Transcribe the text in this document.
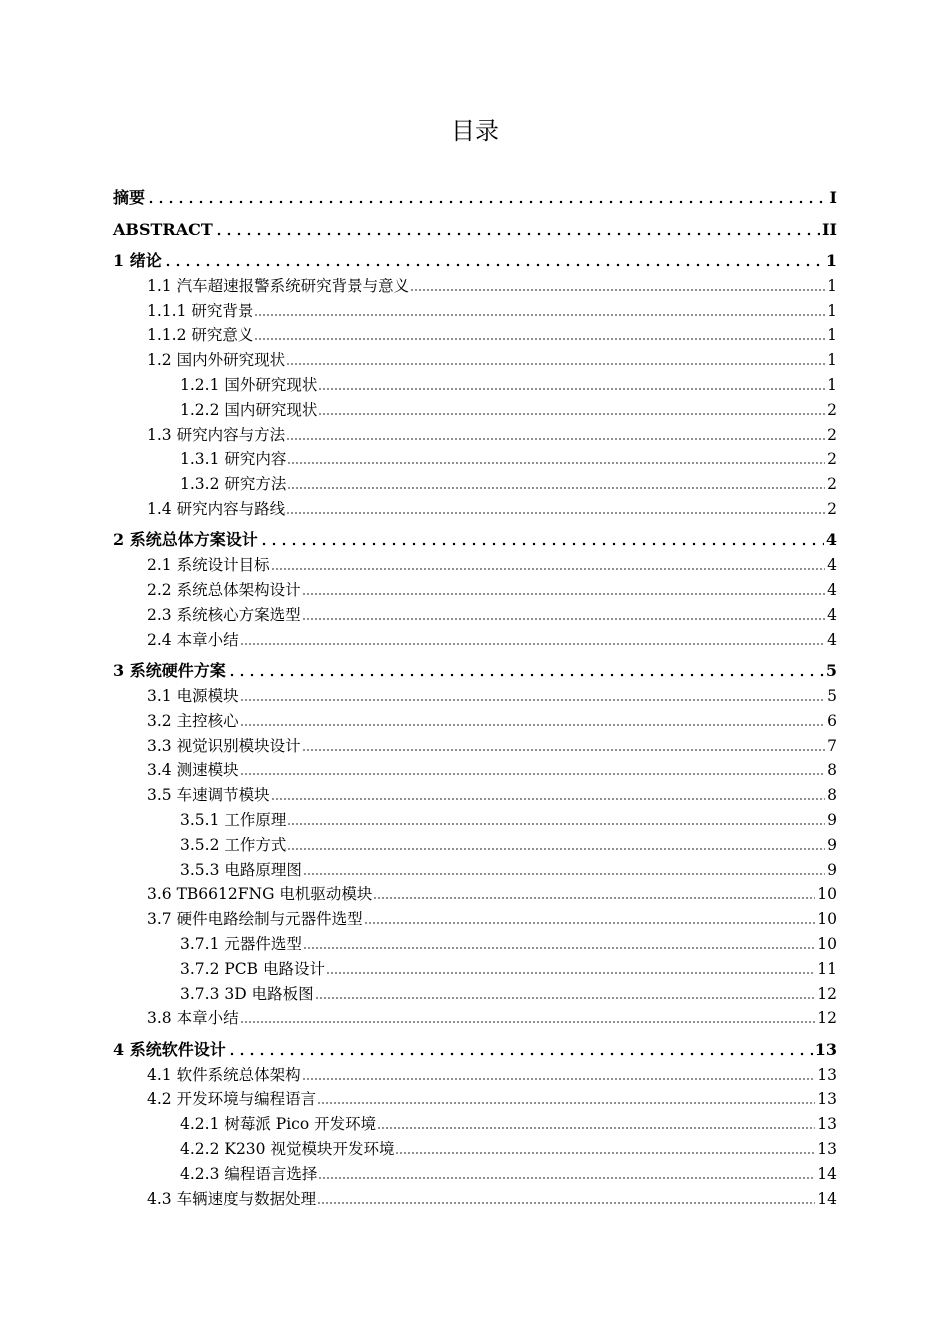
目录
摘要	I
ABSTRACT	II
1 绪论	1
1.1 汽车超速报警系统研究背景与意义	1
1.1.1 研究背景	1
1.1.2 研究意义	1
1.2 国内外研究现状	1
1.2.1 国外研究现状	1
1.2.2 国内研究现状	2
1.3 研究内容与方法	2
1.3.1 研究内容	2
1.3.2 研究方法	2
1.4 研究内容与路线	2
2 系统总体方案设计	4
2.1 系统设计目标	4
2.2 系统总体架构设计	4
2.3 系统核心方案选型	4
2.4 本章小结	4
3 系统硬件方案	5
3.1 电源模块	5
3.2 主控核心	6
3.3 视觉识别模块设计	7
3.4 测速模块	8
3.5 车速调节模块	8
3.5.1 工作原理	9
3.5.2 工作方式	9
3.5.3 电路原理图	9
3.6 TB6612FNG 电机驱动模块	10
3.7 硬件电路绘制与元器件选型	10
3.7.1 元器件选型	10
3.7.2 PCB 电路设计	11
3.7.3 3D 电路板图	12
3.8 本章小结	12
4 系统软件设计	13
4.1 软件系统总体架构	13
4.2 开发环境与编程语言	13
4.2.1 树莓派 Pico 开发环境	13
4.2.2 K230 视觉模块开发环境	13
4.2.3 编程语言选择	14
4.3 车辆速度与数据处理	14
